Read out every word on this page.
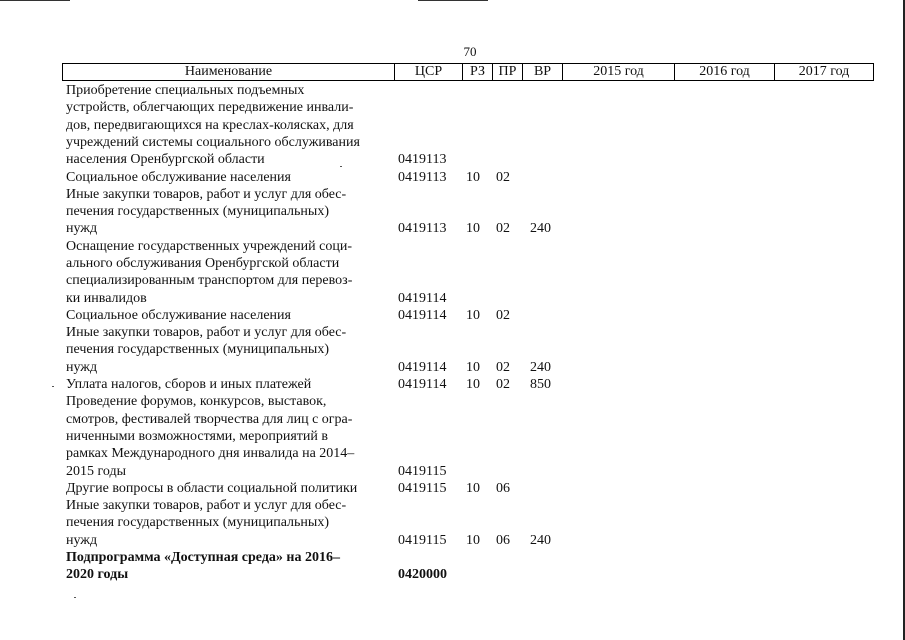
70
Наименование	ЦСР	РЗ ПР	ВР	2015 год	2016 год	2017 год
Приобретение специальных подъемных
устройств, облегчающих передвижение инвали-
дов, передвигающихся на креслах-колясках, для
учреждений системы социального обслуживания
населения Оренбургской области	0419113
Социальное обслуживание населения	0419113 10 02
Иные закупки товаров, работ и услуг для обес-
печения государственных (муниципальных)
нужд	0419113 10 02 240
Оснащение государственных учреждений соци-
ального обслуживания Оренбургской области
специализированным транспортом для перевоз-
ки инвалидов	0419114
Социальное обслуживание населения	0419114 10 02
Иные закупки товаров, работ и услуг для обес-
печения государственных (муниципальных)
нужд	0419114 10 02 240
Уплата налогов, сборов и иных платежей	0419114 10 02 850
Проведение форумов, конкурсов, выставок,
смотров, фестивалей творчества для лиц с огра-
ниченными возможностями, мероприятий в
рамках Международного дня инвалида на 2014–
2015 годы	0419115
Другие вопросы в области социальной политики	0419115 10 06
Иные закупки товаров, работ и услуг для обес-
печения государственных (муниципальных)
нужд	0419115 10 06 240
Подпрограмма «Доступная среда» на 2016–
2020 годы	0420000
